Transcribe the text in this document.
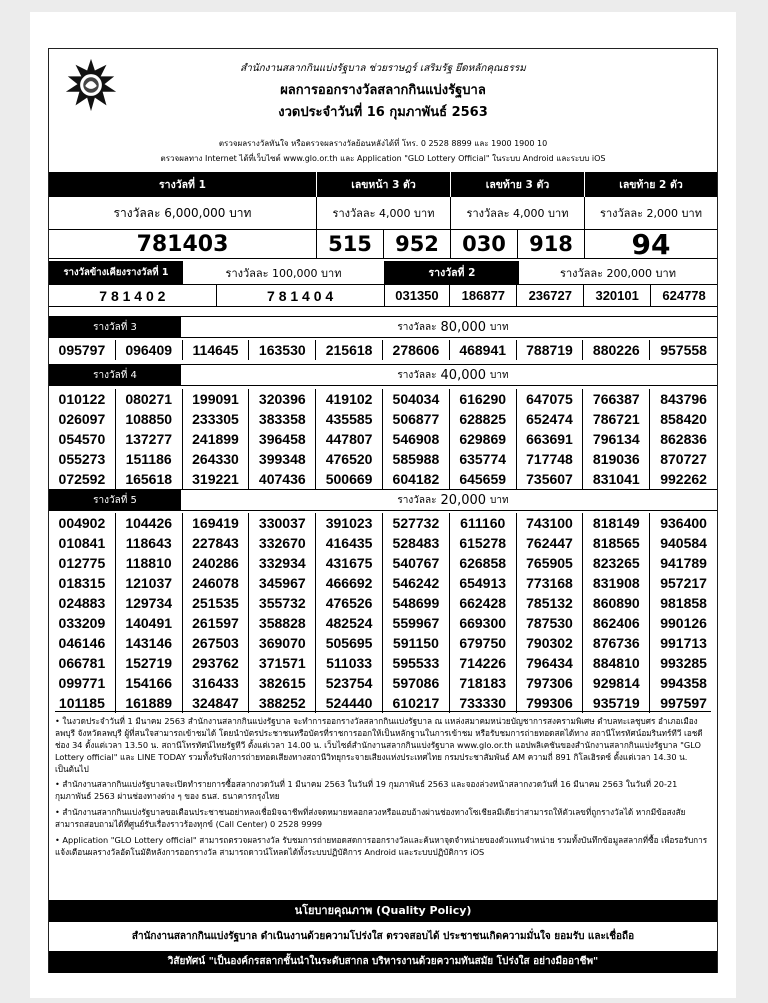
สำนักงานสลากกินแบ่งรัฐบาล ช่วยราษฎร์ เสริมรัฐ ยึดหลักคุณธรรม
ผลการออกรางวัลสลากกินแบ่งรัฐบาล
งวดประจำวันที่ 16 กุมภาพันธ์ 2563
ตรวจผลรางวัลทันใจ หรือตรวจผลรางวัลย้อนหลังได้ที่ โทร. 0 2528 8899 และ 1900 1900 10
ตรวจผลทาง Internet ได้ที่เว็บไซต์ www.glo.or.th และ Application "GLO Lottery Official" ในระบบ Android และระบบ iOS
รางวัลที่ 1	เลขหน้า 3 ตัว	เลขท้าย 3 ตัว	เลขท้าย 2 ตัว
รางวัลละ 6,000,000 บาท	รางวัลละ 4,000 บาท	รางวัลละ 4,000 บาท	รางวัลละ 2,000 บาท
781403	515	952	030	918	94
รางวัลข้างเคียงรางวัลที่ 1	รางวัลละ 100,000 บาท	รางวัลที่ 2	รางวัลละ 200,000 บาท
7 8 1 4 0 2	7 8 1 4 0 4	031350	186877	236727	320101	624778
รางวัลที่ 3	รางวัลละ 80,000 บาท
095797	096409	114645	163530	215618	278606	468941	788719	880226	957558
รางวัลที่ 4	รางวัลละ 40,000 บาท
010122	080271	199091	320396	419102	504034	616290	647075	766387	843796
026097	108850	233305	383358	435585	506877	628825	652474	786721	858420
054570	137277	241899	396458	447807	546908	629869	663691	796134	862836
055273	151186	264330	399348	476520	585988	635774	717748	819036	870727
072592	165618	319221	407436	500669	604182	645659	735607	831041	992262
รางวัลที่ 5	รางวัลละ 20,000 บาท
004902	104426	169419	330037	391023	527732	611160	743100	818149	936400
010841	118643	227843	332670	416435	528483	615278	762447	818565	940584
012775	118810	240286	332934	431675	540767	626858	765905	823265	941789
018315	121037	246078	345967	466692	546242	654913	773168	831908	957217
024883	129734	251535	355732	476526	548699	662428	785132	860890	981858
033209	140491	261597	358828	482524	559967	669300	787530	862406	990126
046146	143146	267503	369070	505695	591150	679750	790302	876736	991713
066781	152719	293762	371571	511033	595533	714226	796434	884810	993285
099771	154166	316433	382615	523754	597086	718183	797306	929814	994358
101185	161889	324847	388252	524440	610217	733330	799306	935719	997597

• ในงวดประจำวันที่ 1 มีนาคม 2563 สำนักงานสลากกินแบ่งรัฐบาล จะทำการออกรางวัลสลากกินแบ่งรัฐบาล ณ แหล่งสมาคมหน่วยบัญชาการสงครามพิเศษ ตำบลทะเลชุบศร อำเภอเมืองลพบุรี จังหวัดลพบุรี ผู้ที่สนใจสามารถเข้าชมได้ โดยนำบัตรประชาชนหรือบัตรที่ราชการออกให้เป็นหลักฐานในการเข้าชม หรือรับชมการถ่ายทอดสดได้ทาง สถานีโทรทัศน์อมรินทร์ทีวี เอชดี ช่อง 34 ตั้งแต่เวลา 13.50 น. สถานีโทรทัศน์ไทยรัฐทีวี ตั้งแต่เวลา 14.00 น. เว็บไซต์สำนักงานสลากกินแบ่งรัฐบาล www.glo.or.th แอปพลิเคชันของสำนักงานสลากกินแบ่งรัฐบาล "GLO Lottery official" และ LINE TODAY รวมทั้งรับฟังการถ่ายทอดเสียงทางสถานีวิทยุกระจายเสียงแห่งประเทศไทย กรมประชาสัมพันธ์ AM ความถี่ 891 กิโลเฮิรตซ์ ตั้งแต่เวลา 14.30 น. เป็นต้นไป

• สำนักงานสลากกินแบ่งรัฐบาลจะเปิดทำรายการซื้อสลากงวดวันที่ 1 มีนาคม 2563 ในวันที่ 19 กุมภาพันธ์ 2563 และจองล่วงหน้าสลากงวดวันที่ 16 มีนาคม 2563 ในวันที่ 20-21 กุมภาพันธ์ 2563 ผ่านช่องทางต่าง ๆ ของ ธนส. ธนาคารกรุงไทย

• สำนักงานสลากกินแบ่งรัฐบาลขอเตือนประชาชนอย่าหลงเชื่อมิจฉาชีพที่ส่งจดหมายหลอกลวงหรือแอบอ้างผ่านช่องทางโซเชียลมีเดียว่าสามารถให้ตัวเลขที่ถูกรางวัลได้ หากมีข้อสงสัย สามารถสอบถามได้ที่ศูนย์รับเรื่องราวร้องทุกข์ (Call Center) 0 2528 9999

• Application "GLO Lottery official" สามารถตรวจผลรางวัล รับชมการถ่ายทอดสดการออกรางวัลและค้นหาจุดจำหน่ายของตัวแทนจำหน่าย รวมทั้งบันทึกข้อมูลสลากที่ซื้อ เพื่อรอรับการแจ้งเตือนผลรางวัลอัตโนมัติหลังการออกรางวัล สามารถดาวน์โหลดได้ทั้งระบบปฏิบัติการ Android และระบบปฏิบัติการ iOS

นโยบายคุณภาพ (Quality Policy)
สำนักงานสลากกินแบ่งรัฐบาล ดำเนินงานด้วยความโปร่งใส ตรวจสอบได้ ประชาชนเกิดความมั่นใจ ยอมรับ และเชื่อถือ
วิสัยทัศน์ "เป็นองค์กรสลากชั้นนำในระดับสากล บริหารงานด้วยความทันสมัย โปร่งใส อย่างมืออาชีพ"
